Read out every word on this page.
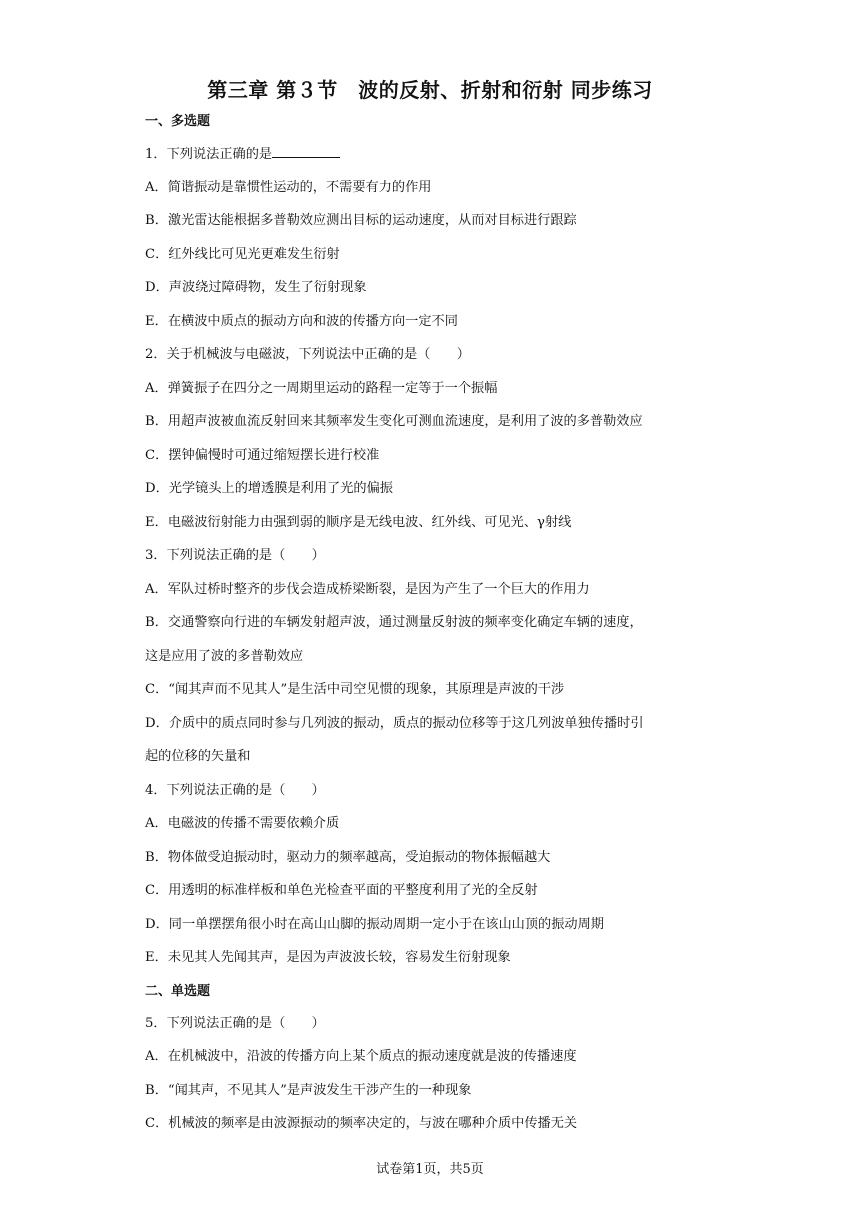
第三章 第３节　波的反射、折射和衍射 同步练习
一、多选题
1．下列说法正确的是
A．简谐振动是靠惯性运动的，不需要有力的作用
B．激光雷达能根据多普勒效应测出目标的运动速度，从而对目标进行跟踪
C．红外线比可见光更难发生衍射
D．声波绕过障碍物，发生了衍射现象
E．在横波中质点的振动方向和波的传播方向一定不同
2．关于机械波与电磁波，下列说法中正确的是（　　）
A．弹簧振子在四分之一周期里运动的路程一定等于一个振幅
B．用超声波被血流反射回来其频率发生变化可测血流速度，是利用了波的多普勒效应
C．摆钟偏慢时可通过缩短摆长进行校准
D．光学镜头上的增透膜是利用了光的偏振
E．电磁波衍射能力由强到弱的顺序是无线电波、红外线、可见光、γ射线
3．下列说法正确的是（　　）
A．军队过桥时整齐的步伐会造成桥梁断裂，是因为产生了一个巨大的作用力
B．交通警察向行进的车辆发射超声波，通过测量反射波的频率变化确定车辆的速度，
这是应用了波的多普勒效应
C．“闻其声而不见其人”是生活中司空见惯的现象，其原理是声波的干涉
D．介质中的质点同时参与几列波的振动，质点的振动位移等于这几列波单独传播时引
起的位移的矢量和
4．下列说法正确的是（　　）
A．电磁波的传播不需要依赖介质
B．物体做受迫振动时，驱动力的频率越高，受迫振动的物体振幅越大
C．用透明的标准样板和单色光检查平面的平整度利用了光的全反射
D．同一单摆摆角很小时在高山山脚的振动周期一定小于在该山山顶的振动周期
E．未见其人先闻其声，是因为声波波长较，容易发生衍射现象
二、单选题
5．下列说法正确的是（　　）
A．在机械波中，沿波的传播方向上某个质点的振动速度就是波的传播速度
B．“闻其声，不见其人”是声波发生干涉产生的一种现象
C．机械波的频率是由波源振动的频率决定的，与波在哪种介质中传播无关
试卷第1页，共5页
